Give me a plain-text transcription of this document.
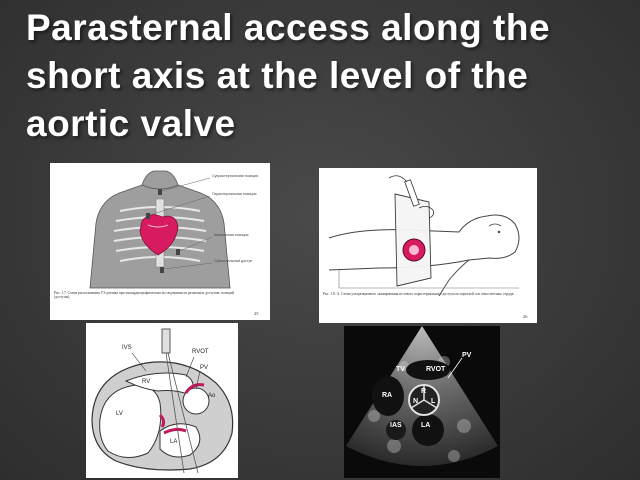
Parasternal access along the short axis at the level of the aortic valve
Супрастернальная позиция
Парастернальная позиция
Апикальная позиция
Субкостальный доступ
Рис. 1.7. Схема расположения УЗ-датчика при эхокардиографическом исследовании из различных доступов: позиций (доступы).
25
Рис. 1.8. А. Схема ультразвукового сканирования из левого парастернального доступа по короткой оси относительно сердца.
26
IVS
RVOT
RV
PV
Ao
LV
LA
PV
TV	RVOT
RA
R
N L
IAS	LA
